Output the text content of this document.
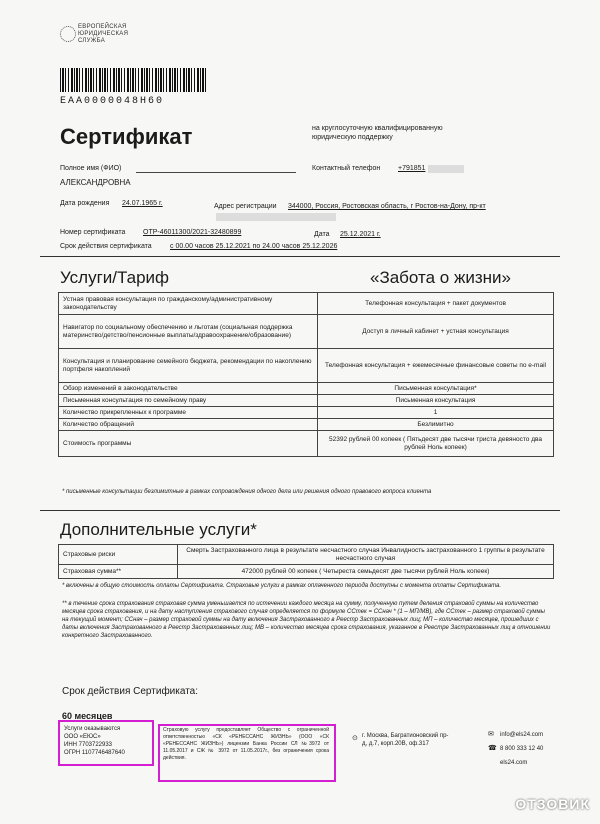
ЕВРОПЕЙСКАЯ
ЮРИДИЧЕСКАЯ
СЛУЖБА
EAA0000048H60
Сертификат	на круглосуточную квалифицированную юридическую поддержку
Полное имя (ФИО)
АЛЕКСАНДРОВНА
Контактный телефон	+791851
Дата рождения 24.07.1965 г.	Адрес регистрации 344000, Россия, Ростовская область, г Ростов-на-Дону, пр-кт
Номер сертификата	OTP-46011300/2021-32480899	Дата 25.12.2021 г.
Срок действия сертификата	с 00.00 часов 25.12.2021 по 24.00 часов 25.12.2026
Услуги/Тариф	«Забота о жизни»
Устная правовая консультация по гражданскому/административному законодательству	Телефонная консультация + пакет документов
Навигатор по социальному обеспечению и льготам (социальная поддержка материнство/детство/пенсионные выплаты/здравоохранение/образование)	Доступ в личный кабинет + устная консультация
Консультация и планирование семейного бюджета, рекомендации по накоплению портфеля накоплений	Телефонная консультация + ежемесячные финансовые советы по e-mail
Обзор изменений в законодательстве	Письменная консультация*
Письменная консультация по семейному праву	Письменная консультация
Количество прикрепленных к программе	1
Количество обращений	Безлимитно
Стоимость программы	52392 рублей 00 копеек ( Пятьдесят две тысячи триста девяносто два рублей Ноль копеек)
* письменные консультации безлимитные в рамках сопровождения одного дела или решения одного правового вопроса клиента
Дополнительные услуги*
Страховые риски	Смерть Застрахованного лица в результате несчастного случая Инвалидность застрахованного 1 группы в результате несчастного случая
Страховая сумма**	472000 рублей 00 копеек ( Четыреста семьдесят две тысячи рублей Ноль копеек)
* включены в общую стоимость оплаты Сертификата. Страховые услуги в рамках оплаченного периода доступны с момента оплаты Сертификата.
** в течение срока страхования страховая сумма уменьшается по истечении каждого месяца на сумму, полученную путем деления страховой суммы на количество месяцев срока страхования, и на дату наступления страхового случая определяется по формуле ССтек = ССнач * (1 – МП/МВ), где ССтек – размер страховой суммы на текущий момент; ССнач – размер страховой суммы на дату включения Застрахованного в Реестр Застрахованных лиц; МП – количество месяцев, прошедших с даты включения Застрахованного в Реестр Застрахованных лиц; МВ – количество месяцев срока страхования, указанное в Реестре Застрахованных лиц в отношении конкретного Застрахованного.
Срок действия Сертификата:
60 месяцев
Услуги оказываются
ООО «ЕЮС»
ИНН 7703722933
ОГРН 1107746487640
Страховую услугу предоставляет Общество с ограниченной ответственностью «СК «РЕНЕССАНС ЖИЗНЬ» (ООО «СК «РЕНЕССАНС ЖИЗНЬ») лицензии Банка России СЛ №3972 от 11.05.2017 и СЖ № 3972 от 11.05.2017г., без ограничения срока действия.
⊙ г. Москва, Багратионовский пр-
д, д.7, корп.20В, оф.317
✉ info@els24.com
☎ 8 800 333 12 40
els24.com
ОТЗОВИК
